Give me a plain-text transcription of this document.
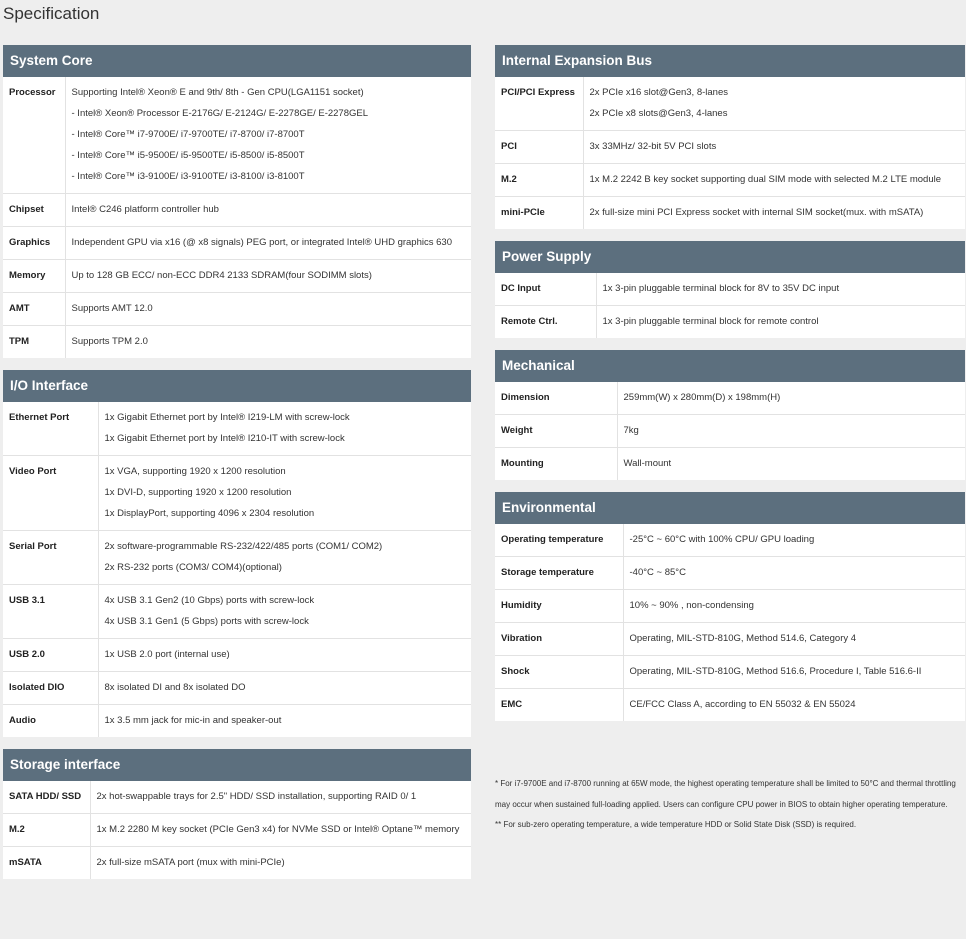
Specification
System Core
Processor	Supporting Intel® Xeon® E and 9th/ 8th - Gen CPU(LGA1151 socket)
- Intel® Xeon® Processor E-2176G/ E-2124G/ E-2278GE/ E-2278GEL
- Intel® Core™ i7-9700E/ i7-9700TE/ i7-8700/ i7-8700T
- Intel® Core™ i5-9500E/ i5-9500TE/ i5-8500/ i5-8500T
- Intel® Core™ i3-9100E/ i3-9100TE/ i3-8100/ i3-8100T

Chipset	Intel® C246 platform controller hub

Graphics	Independent GPU via x16 (@ x8 signals) PEG port, or integrated Intel® UHD graphics 630

Memory	Up to 128 GB ECC/ non-ECC DDR4 2133 SDRAM(four SODIMM slots)

AMT	Supports AMT 12.0

TPM	Supports TPM 2.0
I/O Interface
Ethernet Port	1x Gigabit Ethernet port by Intel® I219-LM with screw-lock
1x Gigabit Ethernet port by Intel® I210-IT with screw-lock

Video Port	1x VGA, supporting 1920 x 1200 resolution
1x DVI-D, supporting 1920 x 1200 resolution
1x DisplayPort, supporting 4096 x 2304 resolution

Serial Port	2x software-programmable RS-232/422/485 ports (COM1/ COM2)
2x RS-232 ports (COM3/ COM4)(optional)

USB 3.1	4x USB 3.1 Gen2 (10 Gbps) ports with screw-lock
4x USB 3.1 Gen1 (5 Gbps) ports with screw-lock

USB 2.0	1x USB 2.0 port (internal use)

Isolated DIO	8x isolated DI and 8x isolated DO

Audio	1x 3.5 mm jack for mic-in and speaker-out
Storage interface
SATA HDD/ SSD	2x hot-swappable trays for 2.5" HDD/ SSD installation, supporting RAID 0/ 1

M.2	1x M.2 2280 M key socket (PCIe Gen3 x4) for NVMe SSD or Intel® Optane™ memory

mSATA	2x full-size mSATA port (mux with mini-PCIe)
Internal Expansion Bus
PCI/PCI Express	2x PCIe x16 slot@Gen3, 8-lanes
2x PCIe x8 slots@Gen3, 4-lanes

PCI	3x 33MHz/ 32-bit 5V PCI slots

M.2	1x M.2 2242 B key socket supporting dual SIM mode with selected M.2 LTE module

mini-PCIe	2x full-size mini PCI Express socket with internal SIM socket(mux. with mSATA)
Power Supply
DC Input	1x 3-pin pluggable terminal block for 8V to 35V DC input

Remote Ctrl.	1x 3-pin pluggable terminal block for remote control
Mechanical
Dimension	259mm(W) x 280mm(D) x 198mm(H)

Weight	7kg

Mounting	Wall-mount
Environmental
Operating temperature	-25°C ~ 60°C with 100% CPU/ GPU loading

Storage temperature	-40°C ~ 85°C

Humidity	10% ~ 90% , non-condensing

Vibration	Operating, MIL-STD-810G, Method 514.6, Category 4

Shock	Operating, MIL-STD-810G, Method 516.6, Procedure I, Table 516.6-II

EMC	CE/FCC Class A, according to EN 55032 & EN 55024

* For i7-9700E and i7-8700 running at 65W mode, the highest operating temperature shall be limited to 50°C and thermal throttling may occur when sustained full-loading applied. Users can configure CPU power in BIOS to obtain higher operating temperature.

** For sub-zero operating temperature, a wide temperature HDD or Solid State Disk (SSD) is required.
